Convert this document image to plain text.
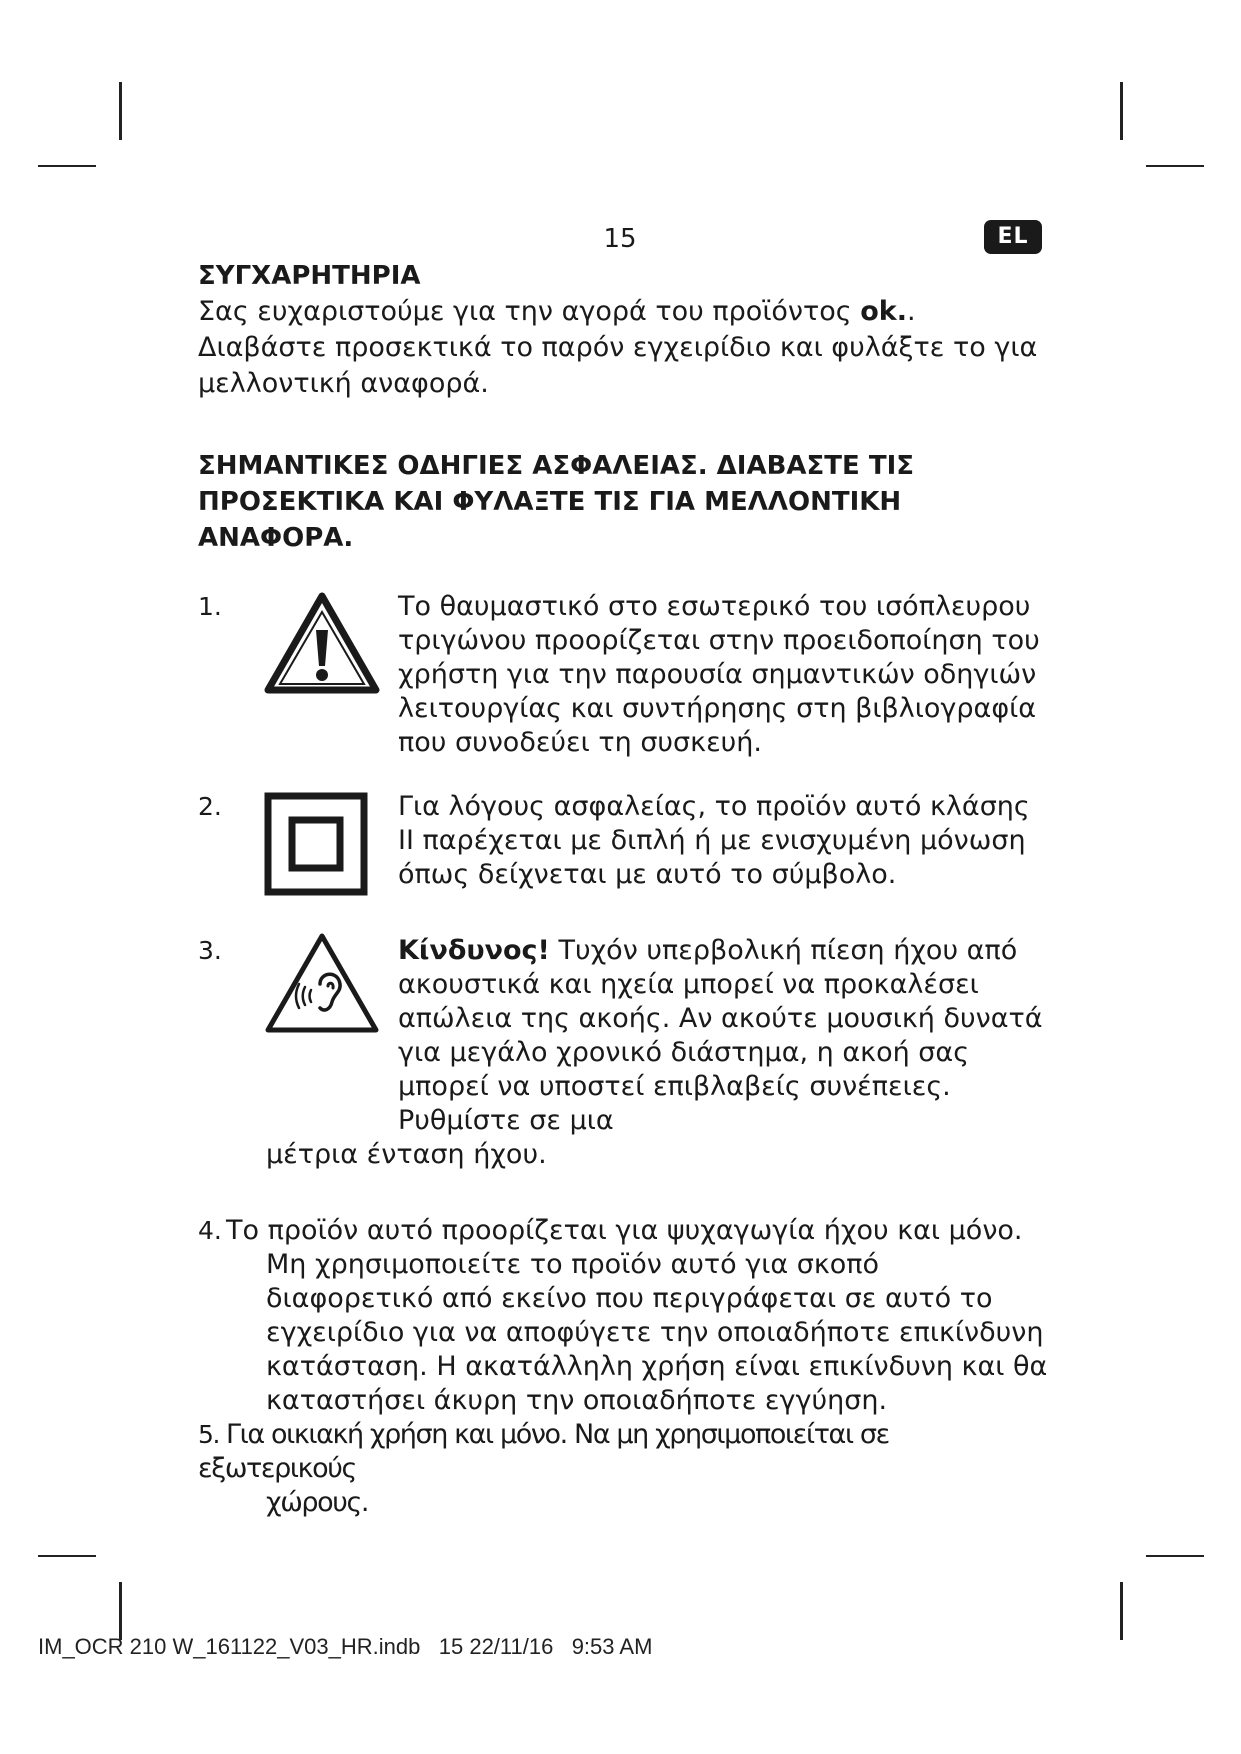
15	EL
ΣΥΓΧΑΡΗΤΗΡΙΑ

Σας ευχαριστούμε για την αγορά του προϊόντος ok.. Διαβάστε προσεκτικά το παρόν εγχειρίδιο και φυλάξτε το για μελλοντική αναφορά.

ΣΗΜΑΝΤΙΚΕΣ ΟΔΗΓΙΕΣ ΑΣΦΑΛΕΙΑΣ. ΔΙΑΒΑΣΤΕ ΤΙΣ ΠΡΟΣΕΚΤΙΚΑ ΚΑΙ ΦΥΛΑΞΤΕ ΤΙΣ ΓΙΑ ΜΕΛΛΟΝΤΙΚΗ ΑΝΑΦΟΡΑ.
1.	Το θαυμαστικό στο εσωτερικό του ισόπλευρου τριγώνου προορίζεται στην προειδοποίηση του χρήστη για την παρουσία σημαντικών οδηγιών λειτουργίας και συντήρησης στη βιβλιογραφία που συνοδεύει τη συσκευή.
2.	Για λόγους ασφαλείας, το προϊόν αυτό κλάσης II παρέχεται με διπλή ή με ενισχυμένη μόνωση όπως δείχνεται με αυτό το σύμβολο.
3.	Κίνδυνος! Τυχόν υπερβολική πίεση ήχου από ακουστικά και ηχεία μπορεί να προκαλέσει απώλεια της ακοής. Αν ακούτε μουσική δυνατά για μεγάλο χρονικό διάστημα, η ακοή σας μπορεί να υποστεί επιβλαβείς συνέπειες. Ρυθμίστε σε μια
μέτρια ένταση ήχου.
4. Το προϊόν αυτό προορίζεται για ψυχαγωγία ήχου και μόνο.
Μη χρησιμοποιείτε το προϊόν αυτό για σκοπό διαφορετικό από εκείνο που περιγράφεται σε αυτό το εγχειρίδιο για να αποφύγετε την οποιαδήποτε επικίνδυνη κατάσταση. Η ακατάλληλη χρήση είναι επικίνδυνη και θα καταστήσει άκυρη την οποιαδήποτε εγγύηση.
5. Για οικιακή χρήση και μόνο. Να μη χρησιμοποιείται σε εξωτερικούς
χώρους.
IM_OCR 210 W_161122_V03_HR.indb 15 22/11/16 9:53 AM
